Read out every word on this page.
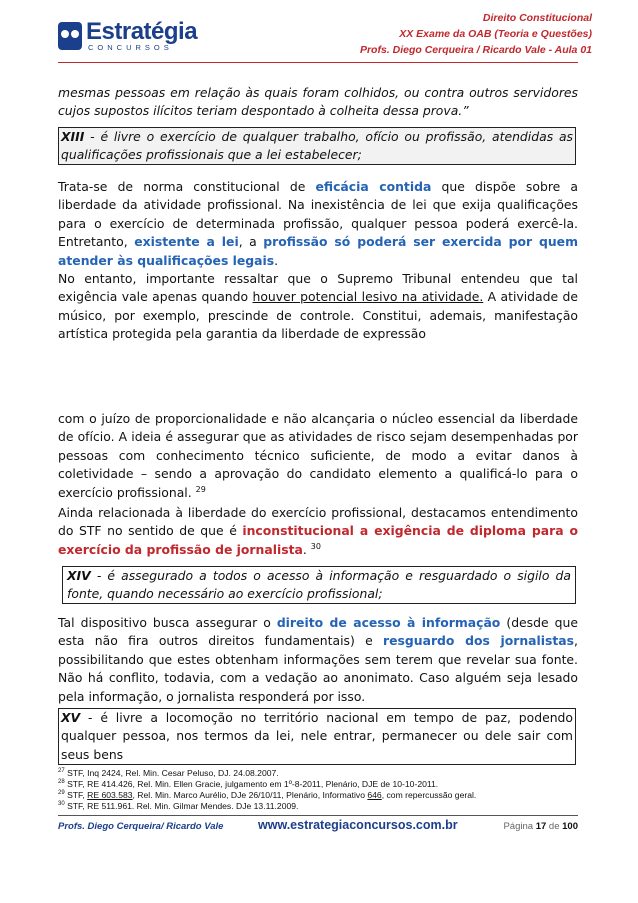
Estratégia
CONCURSOS
Direito Constitucional
XX Exame da OAB (Teoria e Questões)
Profs. Diego Cerqueira / Ricardo Vale - Aula 01
mesmas pessoas em relação às quais foram colhidos, ou contra outros servidores cujos supostos ilícitos teriam despontado à colheita dessa prova.”
XIII - é livre o exercício de qualquer trabalho, ofício ou profissão, atendidas as qualificações profissionais que a lei estabelecer;
Trata-se de norma constitucional de eficácia contida que dispõe sobre a liberdade da atividade profissional. Na inexistência de lei que exija qualificações para o exercício de determinada profissão, qualquer pessoa poderá exercê-la. Entretanto, existente a lei, a profissão só poderá ser exercida por quem atender às qualificações legais.
No entanto, importante ressaltar que o Supremo Tribunal entendeu que tal exigência vale apenas quando houver potencial lesivo na atividade. A atividade de músico, por exemplo, prescinde de controle. Constitui, ademais, manifestação artística protegida pela garantia da liberdade de expressão
com o juízo de proporcionalidade e não alcançaria o núcleo essencial da liberdade de ofício. A ideia é assegurar que as atividades de risco sejam desempenhadas por pessoas com conhecimento técnico suficiente, de modo a evitar danos à coletividade – sendo a aprovação do candidato elemento a qualificá-lo para o exercício profissional. $^{29}$
Ainda relacionada à liberdade do exercício profissional, destacamos entendimento do STF no sentido de que é inconstitucional a exigência de diploma para o exercício da profissão de jornalista. $^{30}$
XIV - é assegurado a todos o acesso à informação e resguardado o sigilo da fonte, quando necessário ao exercício profissional;
Tal dispositivo busca assegurar o direito de acesso à informação (desde que esta não fira outros direitos fundamentais) e resguardo dos jornalistas, possibilitando que estes obtenham informações sem terem que revelar sua fonte. Não há conflito, todavia, com a vedação ao anonimato. Caso alguém seja lesado pela informação, o jornalista responderá por isso.
XV - é livre a locomoção no território nacional em tempo de paz, podendo qualquer pessoa, nos termos da lei, nele entrar, permanecer ou dele sair com seus bens
$^{27}$ STF, Inq 2424, Rel. Min. Cesar Peluso, DJ. 24.08.2007.
$^{28}$ STF, RE 414.426, Rel. Min. Ellen Gracie, julgamento em 1º-8-2011, Plenário, DJE de 10-10-2011.
$^{29}$ STF, RE 603.583, Rel. Min. Marco Aurélio, DJe 26/10/11, Plenário, Informativo 646, com repercussão geral.
$^{30}$ STF, RE 511.961. Rel. Min. Gilmar Mendes. DJe 13.11.2009.
Profs. Diego Cerqueira/ Ricardo Vale	www.estrategiaconcursos.com.br	Página 17 de 100
